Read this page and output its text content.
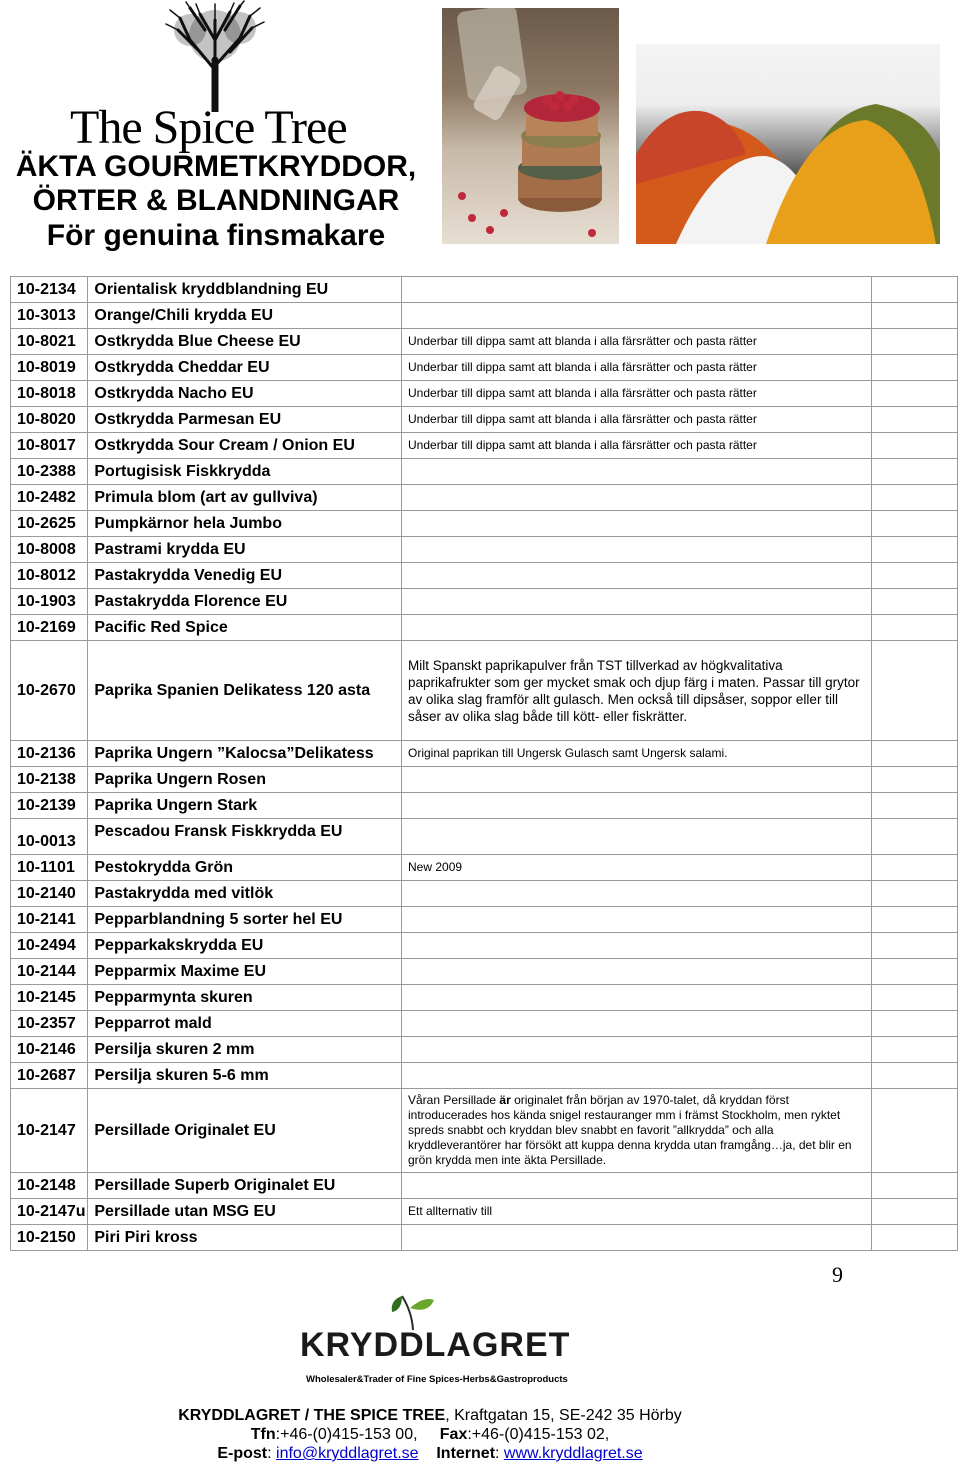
The Spice Tree
ÄKTA GOURMETKRYDDOR,
ÖRTER & BLANDNINGAR
För genuina finsmakare
10-2134	Orientalisk kryddblandning EU		
10-3013	Orange/Chili krydda EU		
10-8021	Ostkrydda Blue Cheese EU	Underbar till dippa samt att blanda i alla färsrätter och pasta rätter	
10-8019	Ostkrydda Cheddar EU	Underbar till dippa samt att blanda i alla färsrätter och pasta rätter	
10-8018	Ostkrydda Nacho EU	Underbar till dippa samt att blanda i alla färsrätter och pasta rätter	
10-8020	Ostkrydda Parmesan EU	Underbar till dippa samt att blanda i alla färsrätter och pasta rätter	
10-8017	Ostkrydda Sour Cream / Onion EU	Underbar till dippa samt att blanda i alla färsrätter och pasta rätter	
10-2388	Portugisisk Fiskkrydda		
10-2482	Primula blom (art av gullviva)		
10-2625	Pumpkärnor hela Jumbo		
10-8008	Pastrami krydda EU		
10-8012	Pastakrydda Venedig EU		
10-1903	Pastakrydda Florence EU		
10-2169	Pacific Red Spice		
10-2670	Paprika Spanien Delikatess 120 asta	Milt Spanskt paprikapulver från TST tillverkad av högkvalitativa paprikafrukter som ger mycket smak och djup färg i maten. Passar till grytor av olika slag framför allt gulasch. Men också till dipsåser, soppor eller till såser av olika slag både till kött- eller fiskrätter.	
10-2136	Paprika Ungern ”Kalocsa”Delikatess	Original paprikan till Ungersk Gulasch samt Ungersk salami.	
10-2138	Paprika Ungern Rosen		
10-2139	Paprika Ungern Stark		
10-0013	Pescadou Fransk Fiskkrydda EU		
10-1101	Pestokrydda Grön	New 2009	
10-2140	Pastakrydda med vitlök		
10-2141	Pepparblandning 5 sorter hel EU		
10-2494	Pepparkakskrydda EU		
10-2144	Pepparmix Maxime EU		
10-2145	Pepparmynta skuren		
10-2357	Pepparrot mald		
10-2146	Persilja skuren 2 mm		
10-2687	Persilja skuren 5-6 mm		
10-2147	Persillade Originalet EU	Våran Persillade är originalet från början av 1970-talet, då kryddan först introducerades hos kända snigel restauranger mm i främst Stockholm, men ryktet spreds snabbt och kryddan blev snabbt en favorit ”allkrydda” och alla kryddleverantörer har försökt att kuppa denna krydda utan framgång…ja, det blir en grön krydda men inte äkta Persillade.	
10-2148	Persillade Superb Originalet EU		
10-2147u	Persillade utan MSG EU	Ett allternativ till	
10-2150	Piri Piri kross		
9
KRYDDLAGRET
Wholesaler&Trader of Fine Spices-Herbs&Gastroproducts
KRYDDLAGRET / THE SPICE TREE, Kraftgatan 15, SE-242 35 Hörby
Tfn:+46-(0)415-153 00, Fax:+46-(0)415-153 02,
E-post: info@kryddlagret.se Internet: www.kryddlagret.se
